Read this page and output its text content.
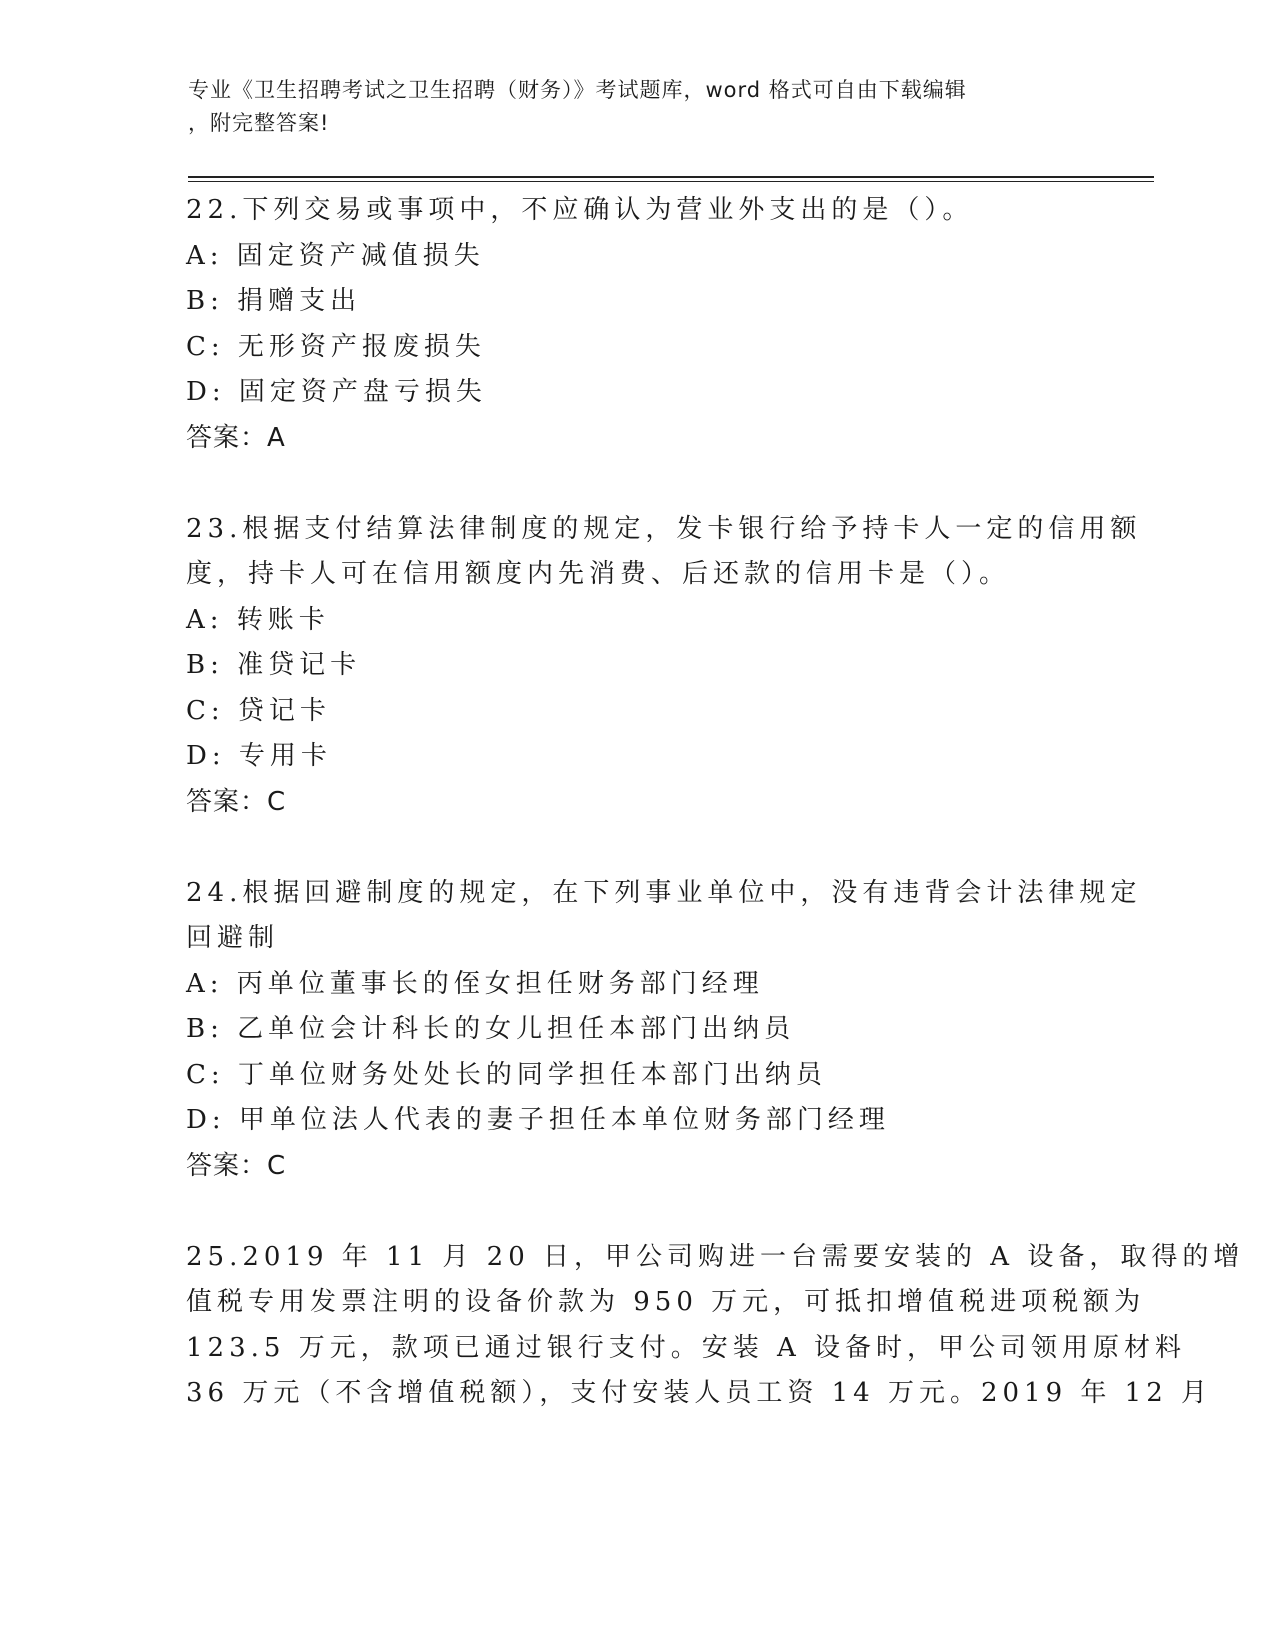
专业《卫生招聘考试之卫生招聘（财务）》考试题库，word 格式可自由下载编辑
，附完整答案!
22.下列交易或事项中，不应确认为营业外支出的是（）。
A: 固定资产减值损失
B: 捐赠支出
C: 无形资产报废损失
D: 固定资产盘亏损失
答案：A
23.根据支付结算法律制度的规定，发卡银行给予持卡人一定的信用额
度，持卡人可在信用额度内先消费、后还款的信用卡是（）。
A: 转账卡
B: 准贷记卡
C: 贷记卡
D: 专用卡
答案：C
24.根据回避制度的规定，在下列事业单位中，没有违背会计法律规定
回避制
A: 丙单位董事长的侄女担任财务部门经理
B: 乙单位会计科长的女儿担任本部门出纳员
C: 丁单位财务处处长的同学担任本部门出纳员
D: 甲单位法人代表的妻子担任本单位财务部门经理
答案：C
25.2019 年 11 月 20 日，甲公司购进一台需要安装的 A 设备，取得的增
值税专用发票注明的设备价款为 950 万元，可抵扣增值税进项税额为
123.5 万元，款项已通过银行支付。安装 A 设备时，甲公司领用原材料
36 万元（不含增值税额），支付安装人员工资 14 万元。2019 年 12 月
